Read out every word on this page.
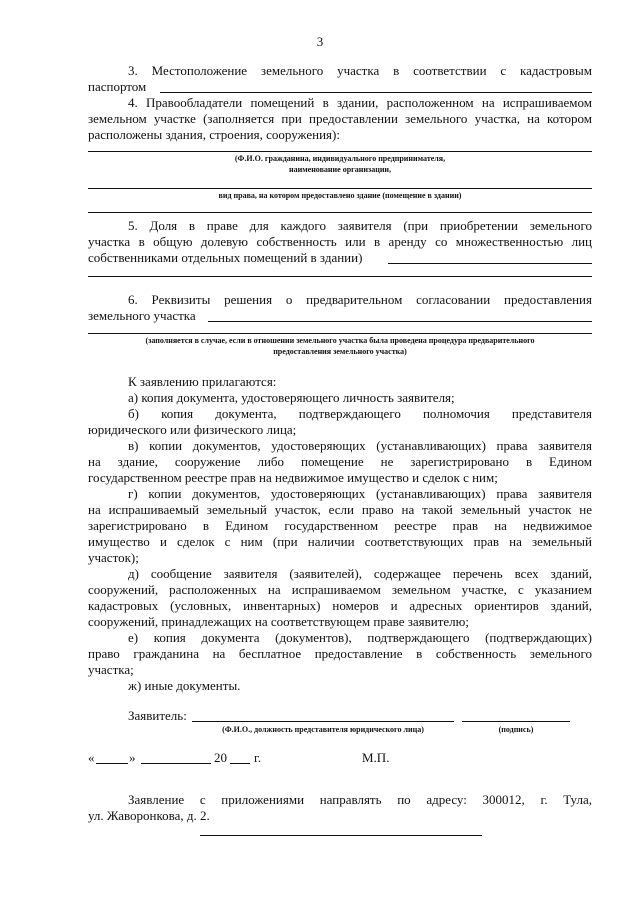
3
3. Местоположение земельного участка в соответствии с кадастровым
паспортом
4. Правообладатели помещений в здании, расположенном на испрашиваемом
земельном участке (заполняется при предоставлении земельного участка, на котором
расположены здания, строения, сооружения):
(Ф.И.О. гражданина, индивидуального предпринимателя,
наименование организации,
вид права, на котором предоставлено здание (помещение в здании)
5. Доля в праве для каждого заявителя (при приобретении земельного
участка в общую долевую собственность или в аренду со множественностью лиц
собственниками отдельных помещений в здании)
6. Реквизиты решения о предварительном согласовании предоставления
земельного участка
(заполняется в случае, если в отношении земельного участка была проведена процедура предварительного
предоставления земельного участка)
К заявлению прилагаются:
а) копия документа, удостоверяющего личность заявителя;
б) копия документа, подтверждающего полномочия представителя
юридического или физического лица;
в) копии документов, удостоверяющих (устанавливающих) права заявителя
на здание, сооружение либо помещение не зарегистрировано в Едином
государственном реестре прав на недвижимое имущество и сделок с ним;
г) копии документов, удостоверяющих (устанавливающих) права заявителя
на испрашиваемый земельный участок, если право на такой земельный участок не
зарегистрировано в Едином государственном реестре прав на недвижимое
имущество и сделок с ним (при наличии соответствующих прав на земельный
участок);
д) сообщение заявителя (заявителей), содержащее перечень всех зданий,
сооружений, расположенных на испрашиваемом земельном участке, с указанием
кадастровых (условных, инвентарных) номеров и адресных ориентиров зданий,
сооружений, принадлежащих на соответствующем праве заявителю;
е) копия документа (документов), подтверждающего (подтверждающих)
право гражданина на бесплатное предоставление в собственность земельного
участка;
ж) иные документы.
Заявитель:
(Ф.И.О., должность представителя юридического лица)	(подпись)
«	»	20 г.	М.П.
Заявление с приложениями направлять по адресу: 300012, г. Тула,
ул. Жаворонкова, д. 2.
